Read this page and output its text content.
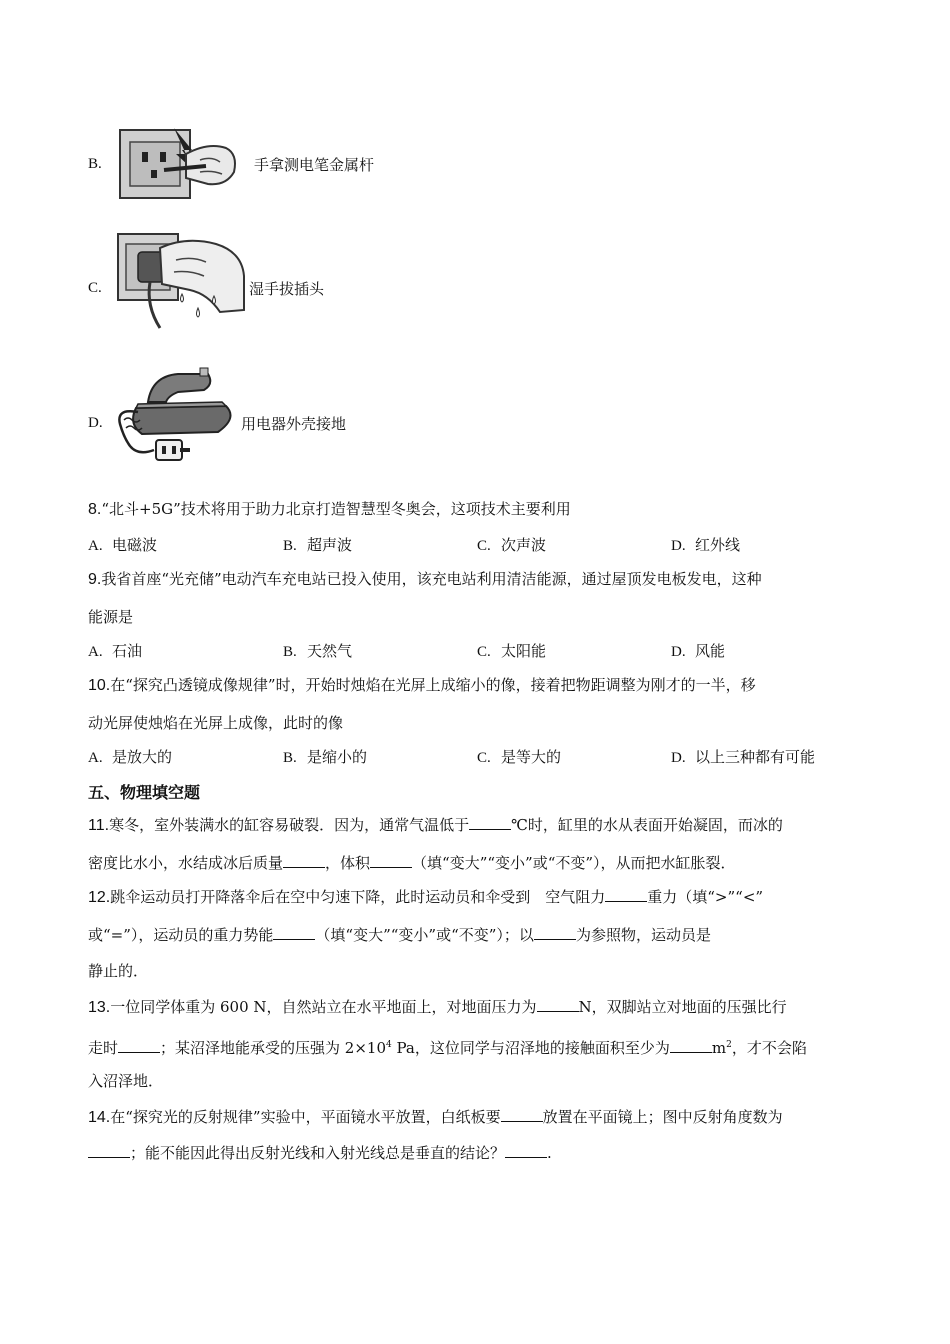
B.	手拿测电笔金属杆
C.	湿手拔插头
D.	用电器外壳接地
8.“北斗+5G”技术将用于助力北京打造智慧型冬奥会，这项技术主要利用
A. 电磁波	B. 超声波	C. 次声波	D. 红外线
9.我省首座“光充储”电动汽车充电站已投入使用，该充电站利用清洁能源，通过屋顶发电板发电，这种
能源是
A. 石油	B. 天然气	C. 太阳能	D. 风能
10.在“探究凸透镜成像规律”时，开始时烛焰在光屏上成缩小的像，接着把物距调整为刚才的一半，移
动光屏使烛焰在光屏上成像，此时的像
A. 是放大的	B. 是缩小的	C. 是等大的	D. 以上三种都有可能
五、物理填空题
11.寒冬，室外装满水的缸容易破裂．因为，通常气温低于	℃时，缸里的水从表面开始凝固，而冰的
密度比水小，水结成冰后质量	，体积	（填“变大”“变小”或“不变”），从而把水缸胀裂．
12.跳伞运动员打开降落伞后在空中匀速下降，此时运动员和伞受到　空气阻力	重力（填“>”“<”
或“=”），运动员的重力势能	（填“变大”“变小”或“不变”）；以	为参照物，运动员是
静止的．
13.一位同学体重为 600 N，自然站立在水平地面上，对地面压力为	N，双脚站立对地面的压强比行
走时	；某沼泽地能承受的压强为 $2\times 10^4$ Pa，这位同学与沼泽地的接触面积至少为	$m^2$，才不会陷
入沼泽地．
14.在“探究光的反射规律”实验中，平面镜水平放置，白纸板要	放置在平面镜上；图中反射角度数为
；能不能因此得出反射光线和入射光线总是垂直的结论？	.
